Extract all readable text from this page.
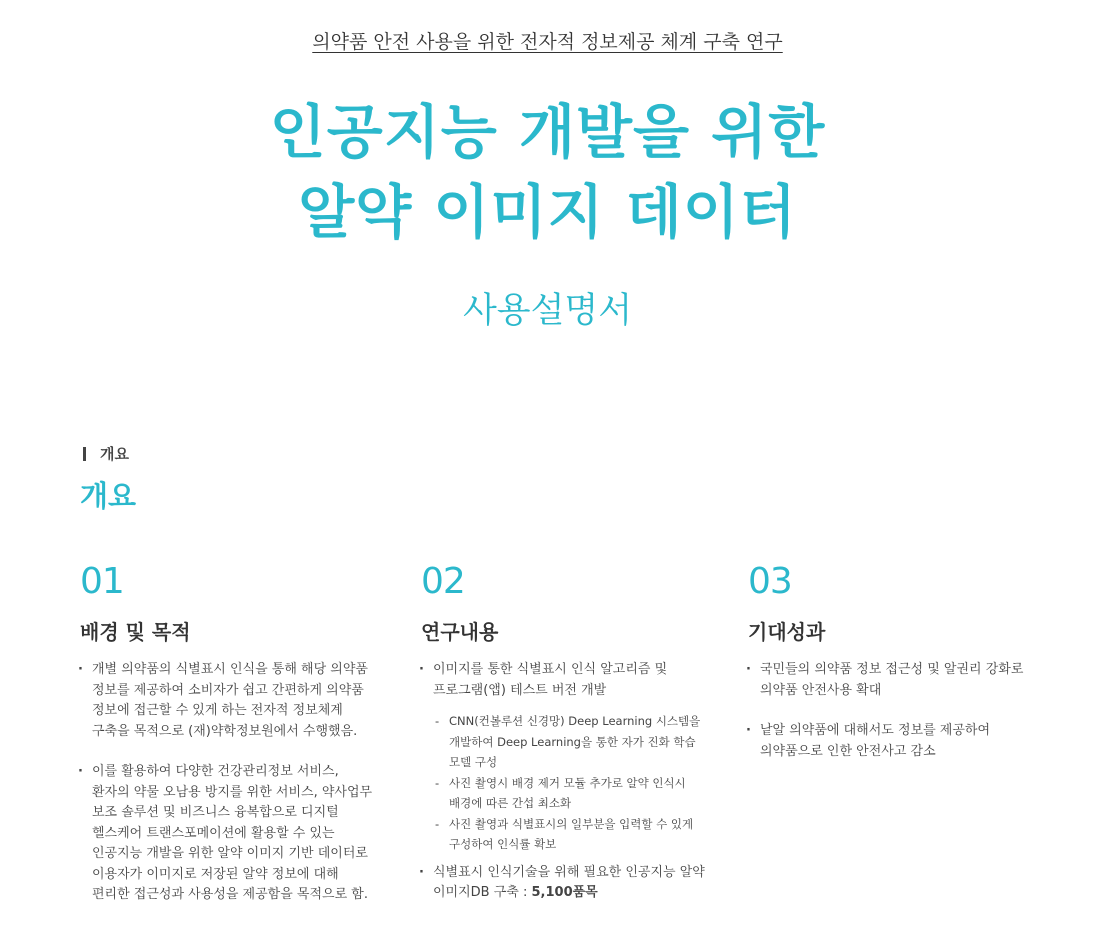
의약품 안전 사용을 위한 전자적 정보제공 체계 구축 연구
인공지능 개발을 위한
알약 이미지 데이터
사용설명서
개요
개요
01
배경 및 목적
· 개별 의약품의 식별표시 인식을 통해 해당 의약품
정보를 제공하여 소비자가 쉽고 간편하게 의약품
정보에 접근할 수 있게 하는 전자적 정보체계
구축을 목적으로 (재)약학정보원에서 수행했음.
· 이를 활용하여 다양한 건강관리정보 서비스,
환자의 약물 오남용 방지를 위한 서비스, 약사업무
보조 솔루션 및 비즈니스 융복합으로 디지털
헬스케어 트랜스포메이션에 활용할 수 있는
인공지능 개발을 위한 알약 이미지 기반 데이터로
이용자가 이미지로 저장된 알약 정보에 대해
편리한 접근성과 사용성을 제공함을 목적으로 함.
02
연구내용
· 이미지를 통한 식별표시 인식 알고리즘 및
프로그램(앱) 테스트 버전 개발
- CNN(컨볼루션 신경망) Deep Learning 시스템을
개발하여 Deep Learning을 통한 자가 진화 학습
모델 구성
- 사진 촬영시 배경 제거 모듈 추가로 알약 인식시
배경에 따른 간섭 최소화
- 사진 촬영과 식별표시의 일부분을 입력할 수 있게
구성하여 인식률 확보
· 식별표시 인식기술을 위해 필요한 인공지능 알약
이미지DB 구축 : 5,100품목
03
기대성과
· 국민들의 의약품 정보 접근성 및 알권리 강화로
의약품 안전사용 확대
· 낱알 의약품에 대해서도 정보를 제공하여
의약품으로 인한 안전사고 감소
